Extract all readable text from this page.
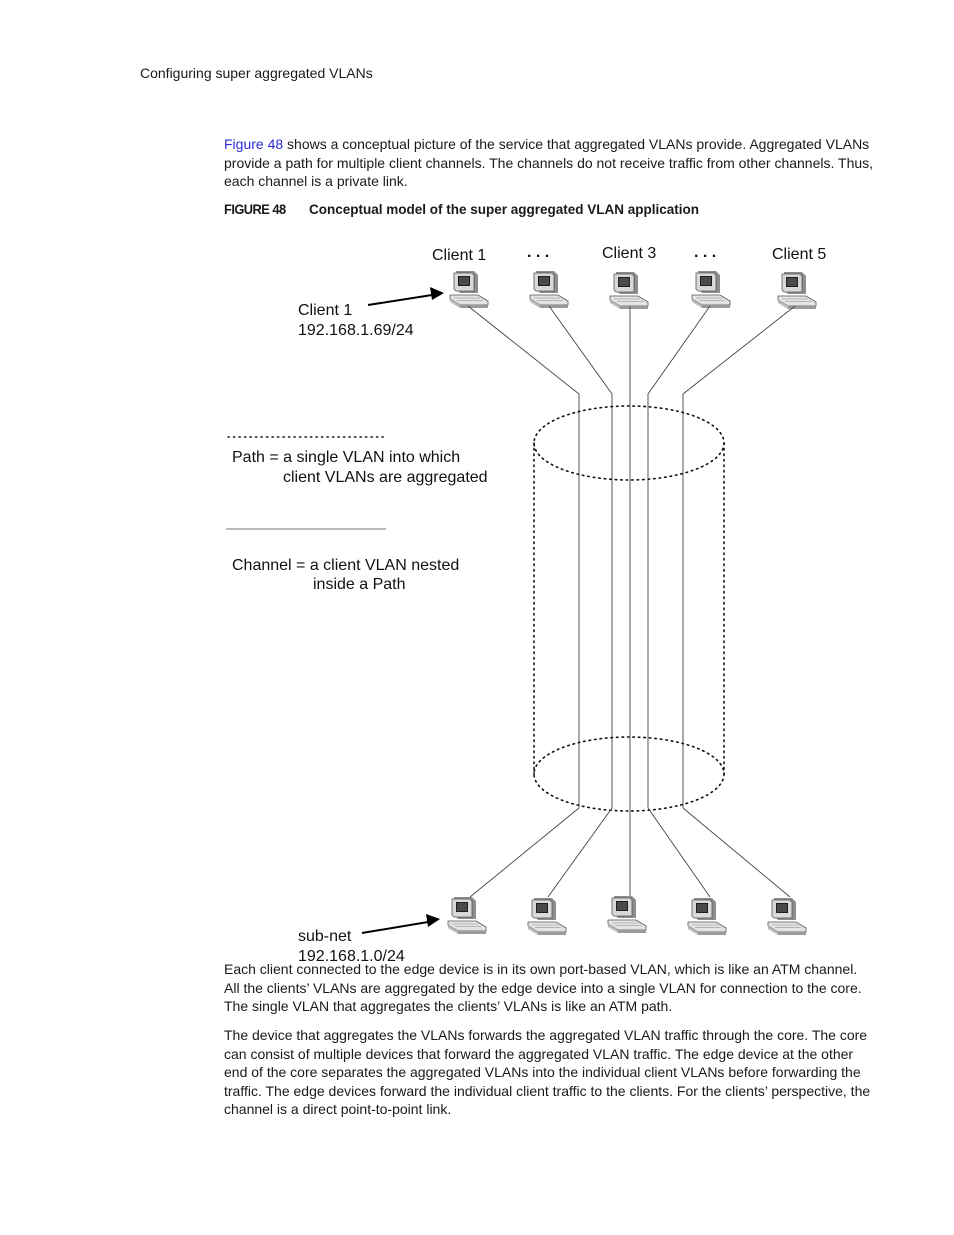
Configuring super aggregated VLANs

Figure 48 shows a conceptual picture of the service that aggregated VLANs provide. Aggregated VLANs provide a path for multiple client channels. The channels do not receive traffic from other channels. Thus, each channel is a private link.

FIGURE 48 Conceptual model of the super aggregated VLAN application
Client 1	. . .	Client 3 . . .	Client 5
Client 1
192.168.1.69/24
Path = a single VLAN into which
client VLANs are aggregated
Channel = a client VLAN nested
inside a Path
sub-net
192.168.1.0/24

Each client connected to the edge device is in its own port-based VLAN, which is like an ATM channel. All the clients’ VLANs are aggregated by the edge device into a single VLAN for connection to the core. The single VLAN that aggregates the clients’ VLANs is like an ATM path.

The device that aggregates the VLANs forwards the aggregated VLAN traffic through the core. The core can consist of multiple devices that forward the aggregated VLAN traffic. The edge device at the other end of the core separates the aggregated VLANs into the individual client VLANs before forwarding the traffic. The edge devices forward the individual client traffic to the clients. For the clients’ perspective, the channel is a direct point-to-point link.
